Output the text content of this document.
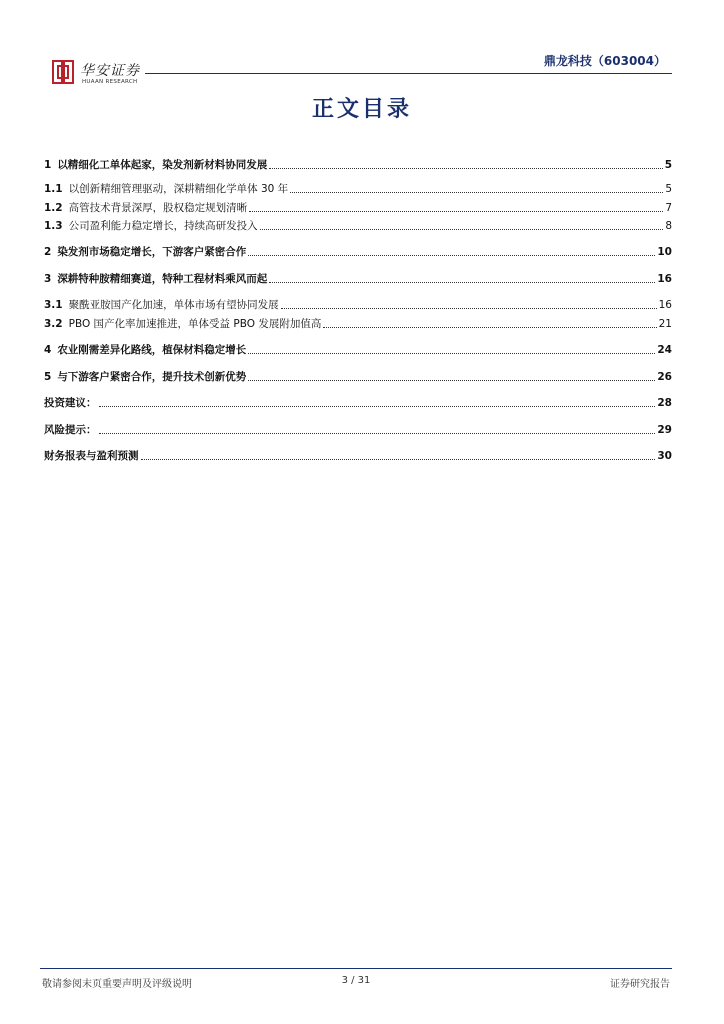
华安证券
HUAAN RESEARCH
鼎龙科技（603004）
正文目录
1 以精细化工单体起家，染发剂新材料协同发展	5
1.1 以创新精细管理驱动，深耕精细化学单体 30 年	5
1.2 高管技术背景深厚，股权稳定规划清晰	7
1.3 公司盈利能力稳定增长，持续高研发投入	8
2 染发剂市场稳定增长，下游客户紧密合作	10
3 深耕特种胺精细赛道，特种工程材料乘风而起	16
3.1 聚酰亚胺国产化加速，单体市场有望协同发展	16
3.2 PBO 国产化率加速推进，单体受益 PBO 发展附加值高	21
4 农业刚需差异化路线，植保材料稳定增长	24
5 与下游客户紧密合作，提升技术创新优势	26
投资建议：	28
风险提示：	29
财务报表与盈利预测	30
敬请参阅末页重要声明及评级说明	3 / 31	证券研究报告
